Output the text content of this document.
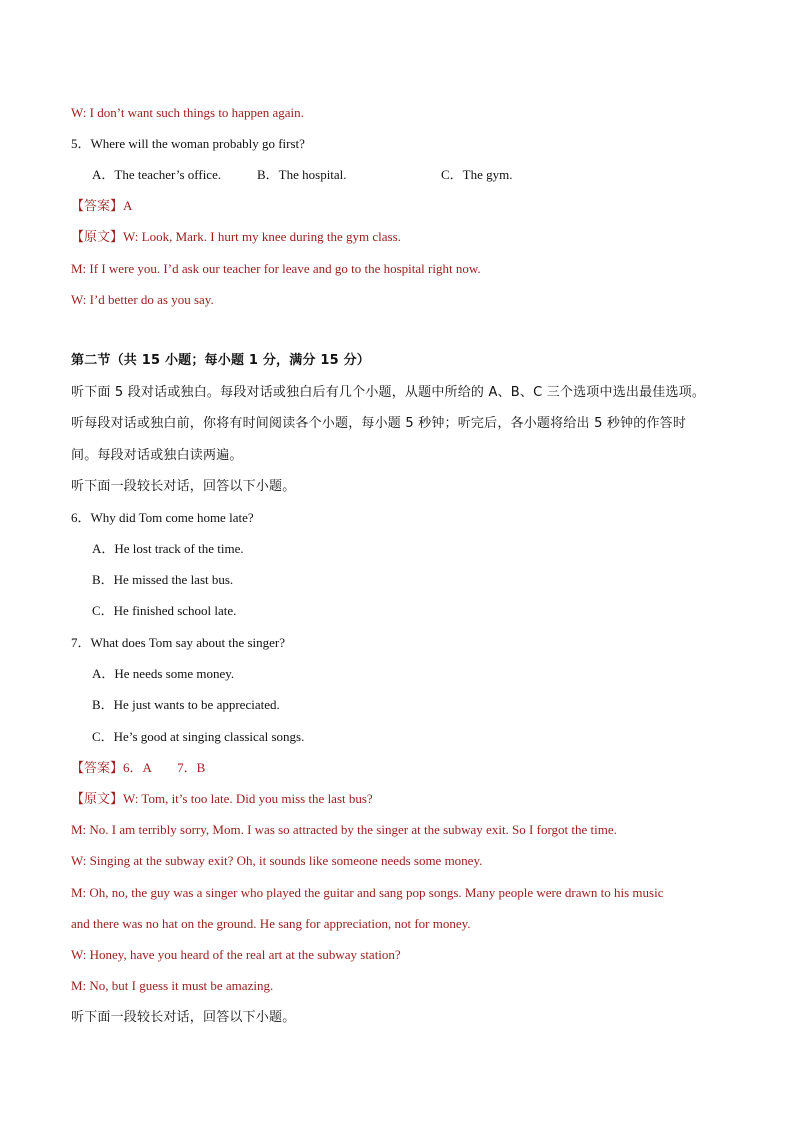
W: I don’t want such things to happen again.
5．Where will the woman probably go first?
A．The teacher’s office.	B．The hospital.	C．The gym.
【答案】A
【原文】W: Look, Mark. I hurt my knee during the gym class.
M: If I were you. I’d ask our teacher for leave and go to the hospital right now.
W: I’d better do as you say.
第二节（共 15 小题；每小题 1 分，满分 15 分）
听下面 5 段对话或独白。每段对话或独白后有几个小题，从题中所给的 A、B、C 三个选项中选出最佳选项。
听每段对话或独白前，你将有时间阅读各个小题，每小题 5 秒钟；听完后，各小题将给出 5 秒钟的作答时
间。每段对话或独白读两遍。
听下面一段较长对话，回答以下小题。
6．Why did Tom come home late?
A．He lost track of the time.
B．He missed the last bus.
C．He finished school late.
7．What does Tom say about the singer?
A．He needs some money.
B．He just wants to be appreciated.
C．He’s good at singing classical songs.
【答案】6．A　　7．B
【原文】W: Tom, it’s too late. Did you miss the last bus?
M: No. I am terribly sorry, Mom. I was so attracted by the singer at the subway exit. So I forgot the time.
W: Singing at the subway exit? Oh, it sounds like someone needs some money.
M: Oh, no, the guy was a singer who played the guitar and sang pop songs. Many people were drawn to his music
and there was no hat on the ground. He sang for appreciation, not for money.
W: Honey, have you heard of the real art at the subway station?
M: No, but I guess it must be amazing.
听下面一段较长对话，回答以下小题。
